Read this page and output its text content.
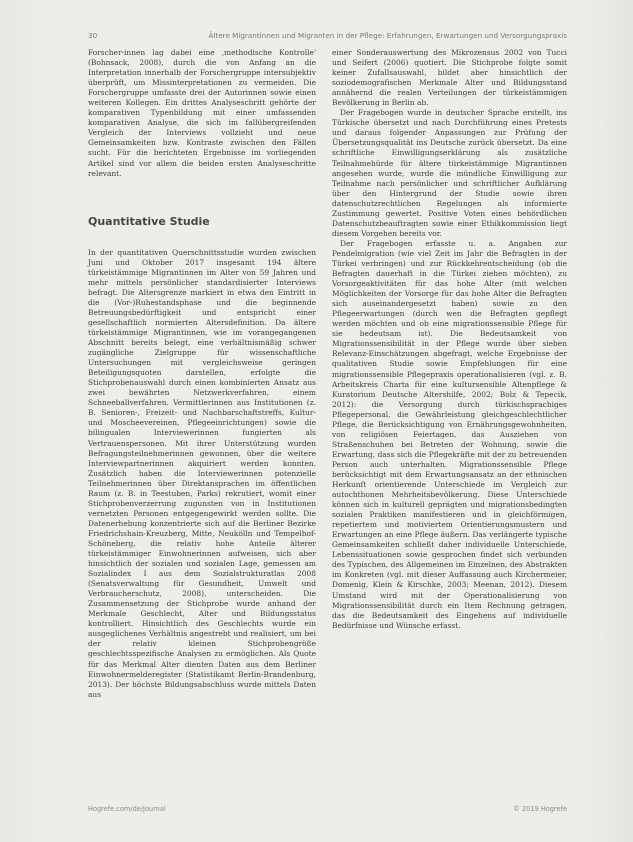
30	Ältere Migrantinnen und Migranten in der Pflege: Erfahrungen, Erwartungen und Versorgungspraxis

Forscher-innen lag dabei eine ‚methodische Kontrolle' (Bohnsack, 2008), durch die von Anfang an die Interpretation innerhalb der Forschergruppe intersubjektiv überprüft, um Missinterpretationen zu vermeiden. Die Forschergruppe umfasste drei der Autorinnen sowie einen weiteren Kollegen. Ein drittes Analyseschritt gehörte der komparativen Typenbildung mit einer umfassenden komparativen Analyse, die sich im fallübergreifenden Vergleich der Interviews vollzieht und neue Gemeinsamkeiten bzw. Kontraste zwischen den Fällen sucht. Für die berichteten Ergebnisse im vorliegenden Artikel sind vor allem die beiden ersten Analyseschritte relevant.

Quantitative Studie

In der quantitativen Querschnittsstudie wurden zwischen Juni und Oktober 2017 insgesamt 194 ältere türkeistämmige Migrantinnen im Alter von 59 Jahren und mehr mittels persönlicher standardisierter Interviews befragt. Die Altersgrenze markiert in etwa den Eintritt in die (Vor-)Ruhestandsphase und die beginnende Betreuungsbedürftigkeit und entspricht einer gesellschaftlich normierten Altersdefinition. Da ältere türkeistämmige Migrantinnen, wie im vorangegangenen Abschnitt bereits belegt, eine verhältnismäßig schwer zugängliche Zielgruppe für wissenschaftliche Untersuchungen mit vergleichsweise geringen Beteiligungsquoten darstellen, erfolgte die Stichprobenauswahl durch einen kombinierten Ansatz aus zwei bewährten Netzwerkverfahren, einem Schneeballverfahren. Vermittlerinnen aus Institutionen (z. B. Senioren-, Freizeit- und Nachbarschaftstreffs, Kultur- und Moscheevereinen, Pflegeeinrichtungen) sowie die bilingualen Interviewerinnen fungierten als Vertrauenspersonen. Mit ihrer Unterstützung wurden Befragungsteilnehmerinnen gewonnen, über die weitere Interviewpartnerinnen akquiriert werden konnten. Zusätzlich haben die Interviewerinnen potenzielle Teilnehmerinnen über Direktansprachen im öffentlichen Raum (z. B. in Teestuben, Parks) rekrutiert, womit einer Stichprobenverzerrung zugunsten von in Institutionen vernetzten Personen entgegengewirkt werden sollte. Die Datenerhebung konzentrierte sich auf die Berliner Bezirke Friedrichshain-Kreuzberg, Mitte, Neukölln und Tempelhof-Schöneberg, die relativ hohe Anteile älterer türkeistämmiger Einwohnerinnen aufweisen, sich aber hinsichtlich der sozialen und sozialen Lage, gemessen am Sozialindex I aus dem Sozialstrukturatlas 2008 (Senatsverwaltung für Gesundheit, Umwelt und Verbraucherschutz, 2008), unterscheiden. Die Zusammensetzung der Stichprobe wurde anhand der Merkmale Geschlecht, Alter und Bildungsstatus kontrolliert. Hinsichtlich des Geschlechts wurde ein ausgeglichenes Verhältnis angestrebt und realisiert, um bei der relativ kleinen Stichprobengröße geschlechtsspezifische Analysen zu ermöglichen. Als Quote für das Merkmal Alter dienten Daten aus dem Berliner Einwohnermelderegister (Statistikamt Berlin-Brandenburg, 2013). Der höchste Bildungsabschluss wurde mittels Daten aus

einer Sonderauswertung des Mikrozensus 2002 von Tucci und Seifert (2006) quotiert. Die Stichprobe folgte somit keiner Zufallsauswahl, bildet aber hinsichtlich der soziodemografischen Merkmale Alter und Bildungsstand annähernd die realen Verteilungen der türkeistämmigen Bevölkerung in Berlin ab.

Der Fragebogen wurde in deutscher Sprache erstellt, ins Türkische übersetzt und nach Durchführung eines Pretests und daraus folgender Anpassungen zur Prüfung der Übersetzungsqualität ins Deutsche zurück übersetzt. Da eine schriftliche Einwilligungserklärung als zusätzliche Teilnahmehürde für ältere türkeistämmige Migrantinnen angesehen wurde, wurde die mündliche Einwilligung zur Teilnahme nach persönlicher und schriftlicher Aufklärung über den Hintergrund der Studie sowie ihren datenschutzrechtlichen Regelungen als informierte Zustimmung gewertet. Positive Voten eines behördlichen Datenschutzbeauftragten sowie einer Ethikkommission liegt diesem Vorgehen bereits vor.

Der Fragebogen erfasste u. a. Angaben zur Pendelmigration (wie viel Zeit im Jahr die Befragten in der Türkei verbringen) und zur Rückkehrentscheidung (ob die Befragten dauerhaft in die Türkei ziehen möchten), zu Vorsorgeaktivitäten für das hohe Alter (mit welchen Möglichkeiten der Vorsorge für das hohe Alter die Befragten sich auseinandergesetzt haben) sowie zu den Pflegeerwartungen (durch wen die Befragten gepflegt werden möchten und ob eine migrationssensible Pflege für sie bedeutsam ist). Die Bedeutsamkeit von Migrationssensibilität in der Pflege wurde über sieben Relevanz-Einschätzungen abgefragt, welche Ergebnisse der qualitativen Studie sowie Empfehlungen für eine migrationssensible Pflegepraxis operationalisieren (vgl. z. B. Arbeitskreis Charta für eine kultursensible Altenpflege & Kuratorium Deutsche Altershilfe, 2002; Bolz & Tepecik, 2012): die Versorgung durch türkischsprachiges Pflegepersonal, die Gewährleistung gleichgeschlechtlicher Pflege, die Berücksichtigung von Ernährungsgewohnheiten, von religiösen Feiertagen, das Ausziehen von Straßenschuhen bei Betreten der Wohnung, sowie die Erwartung, dass sich die Pflegekräfte mit der zu betreuenden Person auch unterhalten. Migrationssensible Pflege berücksichtigt mit dem Erwartungsansatz an der ethnischen Herkunft orientierende Unterschiede im Vergleich zur autochthonen Mehrheitsbevölkerung. Diese Unterschiede können sich in kulturell geprägten und migrationsbedingten sozialen Praktiken manifestieren und in gleichförmigen, repetiertem und motiviertem Orientierungsmustern und Erwartungen an eine Pflege äußern. Das verlängerte typische Gemeinsamkeiten schließt daher individuelle Unterschiede, Lebenssituationen sowie gesprochen findet sich verbunden des Typischen, des Allgemeinen im Einzelnen, des Abstrakten im Konkreten (vgl. mit dieser Auffassung auch Kirchermeier, Domenig, Klein & Kirschke, 2003; Meenan, 2012). Diesem Umstand wird mit der Operationalisierung von Migrationssensibilität durch ein Item Rechnung getragen, das die Bedeutsamkeit des Eingehens auf individuelle Bedürfnisse und Wünsche erfasst.

Hogrefe.com/de/journal	© 2019 Hogrefe
